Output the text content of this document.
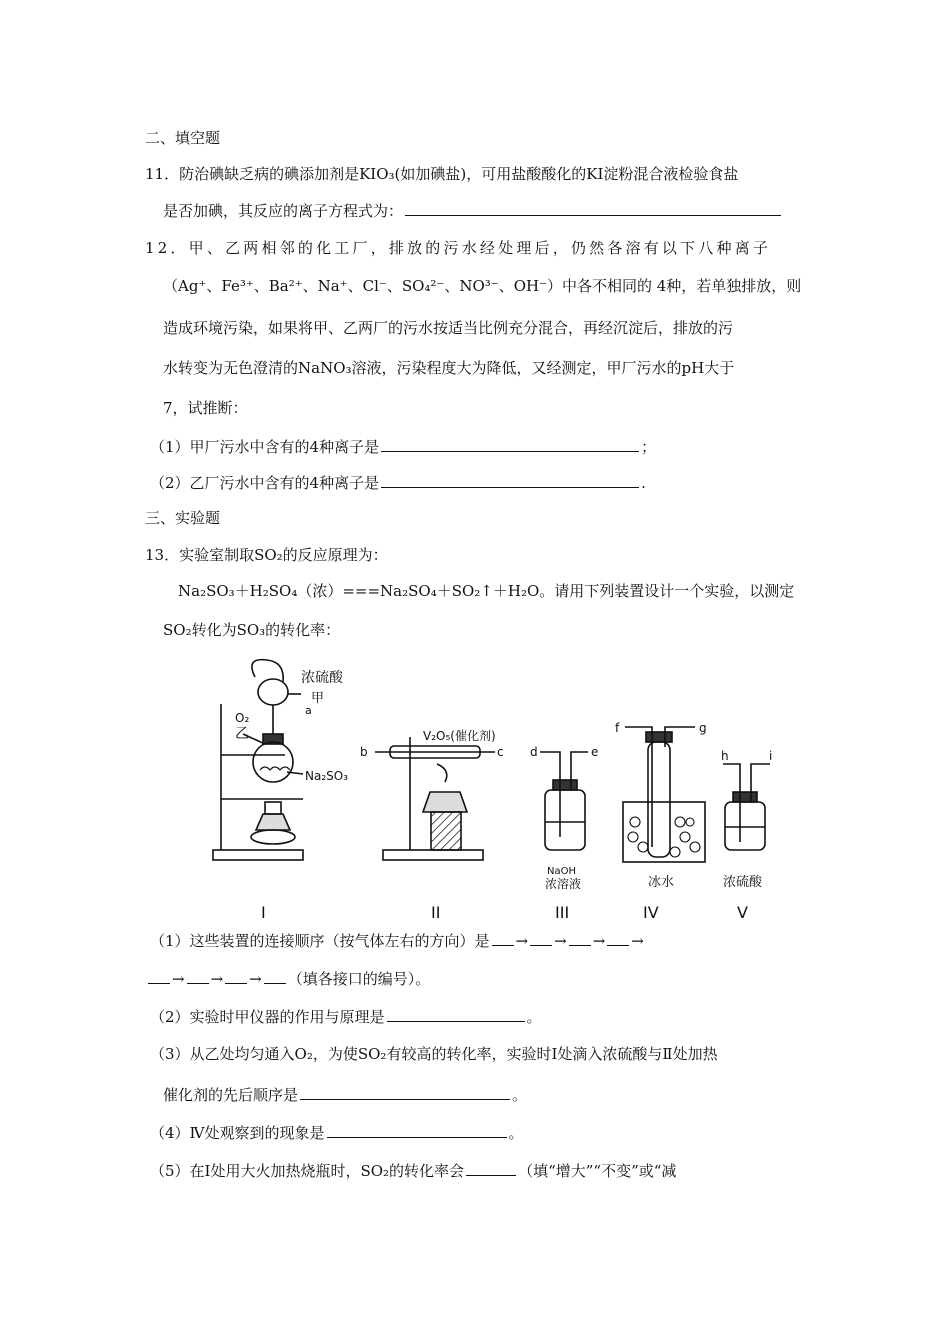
二、填空题
11．防治碘缺乏病的碘添加剂是KIO₃(如加碘盐)，可用盐酸酸化的KI淀粉混合液检验食盐
是否加碘，其反应的离子方程式为：
12．甲、乙两相邻的化工厂，排放的污水经处理后，仍然各溶有以下八种离子
（Ag⁺、Fe³⁺、Ba²⁺、Na⁺、Cl⁻、SO₄²⁻、NO³⁻、OH⁻）中各不相同的 4种，若单独排放，则
造成环境污染，如果将甲、乙两厂的污水按适当比例充分混合，再经沉淀后，排放的污
水转变为无色澄清的NaNO₃溶液，污染程度大为降低，又经测定，甲厂污水的pH大于
7，试推断：
（1）甲厂污水中含有的4种离子是	；
（2）乙厂污水中含有的4种离子是	.
三、实验题
13．实验室制取SO₂的反应原理为：
Na₂SO₃＋H₂SO₄（浓）===Na₂SO₄＋SO₂↑＋H₂O。请用下列装置设计一个实验，以测定
SO₂转化为SO₃的转化率：
浓硫酸
甲
O₂
乙
a
Na₂SO₃
V₂O₅(催化剂)
b	c d	e
f	g
h	i
NaOH
浓溶液	冰水	浓硫酸
I	II	III	IV	V
（1）这些装置的连接顺序（按气体左右的方向）是 → → → →
→ → → （填各接口的编号）。
（2）实验时甲仪器的作用与原理是	。
（3）从乙处均匀通入O₂，为使SO₂有较高的转化率，实验时Ⅰ处滴入浓硫酸与Ⅱ处加热
催化剂的先后顺序是	。
（4）Ⅳ处观察到的现象是	。
（5）在Ⅰ处用大火加热烧瓶时，SO₂的转化率会	（填“增大”“不变”或“减
